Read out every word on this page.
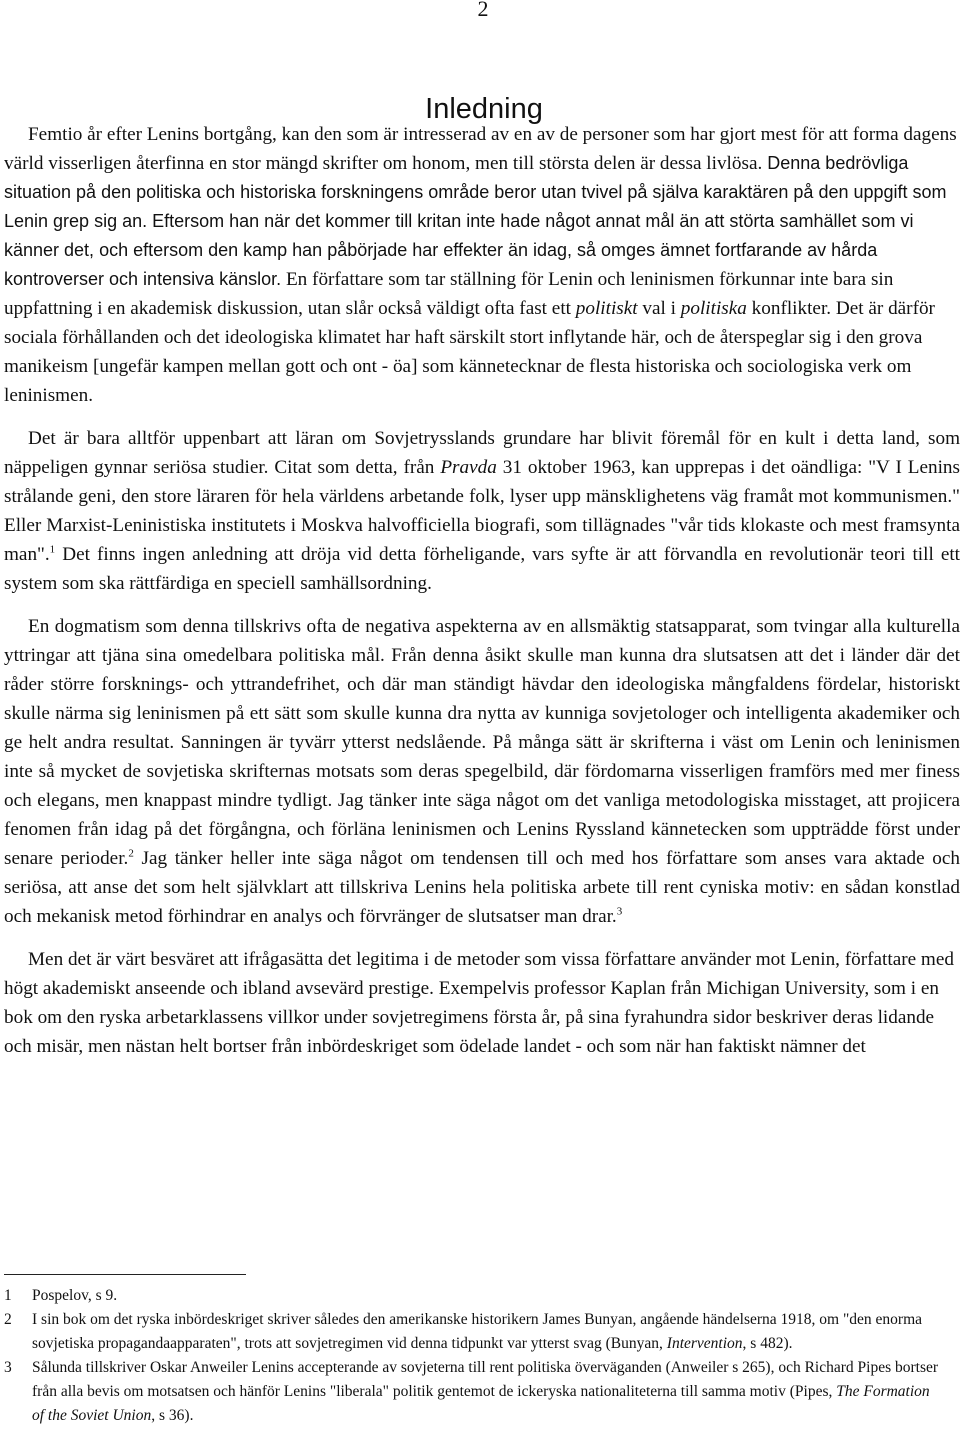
2
Inledning

Femtio år efter Lenins bortgång, kan den som är intresserad av en av de personer som har gjort mest för att forma dagens värld visserligen återfinna en stor mängd skrifter om honom, men till största delen är dessa livlösa. Denna bedrövliga situation på den politiska och historiska forskningens område beror utan tvivel på själva karaktären på den uppgift som Lenin grep sig an. Eftersom han när det kommer till kritan inte hade något annat mål än att störta samhället som vi känner det, och eftersom den kamp han påbörjade har effekter än idag, så omges ämnet fortfarande av hårda kontroverser och intensiva känslor. En författare som tar ställning för Lenin och leninismen förkunnar inte bara sin uppfattning i en akademisk diskussion, utan slår också väldigt ofta fast ett politiskt val i politiska konflikter. Det är därför sociala förhållanden och det ideologiska klimatet har haft särskilt stort inflytande här, och de återspeglar sig i den grova manikeism [ungefär kampen mellan gott och ont - öa] som kännetecknar de flesta historiska och sociologiska verk om leninismen.

Det är bara alltför uppenbart att läran om Sovjetrysslands grundare har blivit föremål för en kult i detta land, som näppeligen gynnar seriösa studier. Citat som detta, från Pravda 31 oktober 1963, kan upprepas i det oändliga: "V I Lenins strålande geni, den store läraren för hela världens arbetande folk, lyser upp mänsklighetens väg framåt mot kommunismen." Eller Marxist-Leninistiska institutets i Moskva halvofficiella biografi, som tillägnades "vår tids klokaste och mest framsynta man".$^1$ Det finns ingen anledning att dröja vid detta förheligande, vars syfte är att förvandla en revolutionär teori till ett system som ska rättfärdiga en speciell samhällsordning.

En dogmatism som denna tillskrivs ofta de negativa aspekterna av en allsmäktig statsapparat, som tvingar alla kulturella yttringar att tjäna sina omedelbara politiska mål. Från denna åsikt skulle man kunna dra slutsatsen att det i länder där det råder större forsknings- och yttrandefrihet, och där man ständigt hävdar den ideologiska mångfaldens fördelar, historiskt skulle närma sig leninismen på ett sätt som skulle kunna dra nytta av kunniga sovjetologer och intelligenta akademiker och ge helt andra resultat. Sanningen är tyvärr ytterst nedslående. På många sätt är skrifterna i väst om Lenin och leninismen inte så mycket de sovjetiska skrifternas motsats som deras spegelbild, där fördomarna visserligen framförs med mer finess och elegans, men knappast mindre tydligt. Jag tänker inte säga något om det vanliga metodologiska misstaget, att projicera fenomen från idag på det förgångna, och förläna leninismen och Lenins Ryssland kännetecken som uppträdde först under senare perioder.$^2$ Jag tänker heller inte säga något om tendensen till och med hos författare som anses vara aktade och seriösa, att anse det som helt självklart att tillskriva Lenins hela politiska arbete till rent cyniska motiv: en sådan konstlad och mekanisk metod förhindrar en analys och förvränger de slutsatser man drar.$^3$

Men det är värt besväret att ifrågasätta det legitima i de metoder som vissa författare använder mot Lenin, författare med högt akademiskt anseende och ibland avsevärd prestige. Exempelvis professor Kaplan från Michigan University, som i en bok om den ryska arbetarklassens villkor under sovjetregimens första år, på sina fyrahundra sidor beskriver deras lidande och misär, men nästan helt bortser från inbördeskriget som ödelade landet - och som när han faktiskt nämner det

1 Pospelov, s 9.

2 I sin bok om det ryska inbördeskriget skriver således den amerikanske historikern James Bunyan, angående händelserna 1918, om "den enorma sovjetiska propagandaapparaten", trots att sovjetregimen vid denna tidpunkt var ytterst svag (Bunyan, Intervention, s 482).

3 Sålunda tillskriver Oskar Anweiler Lenins accepterande av sovjeterna till rent politiska överväganden (Anweiler s 265), och Richard Pipes bortser från alla bevis om motsatsen och hänför Lenins "liberala" politik gentemot de ickeryska nationaliteterna till samma motiv (Pipes, The Formation of the Soviet Union, s 36).
